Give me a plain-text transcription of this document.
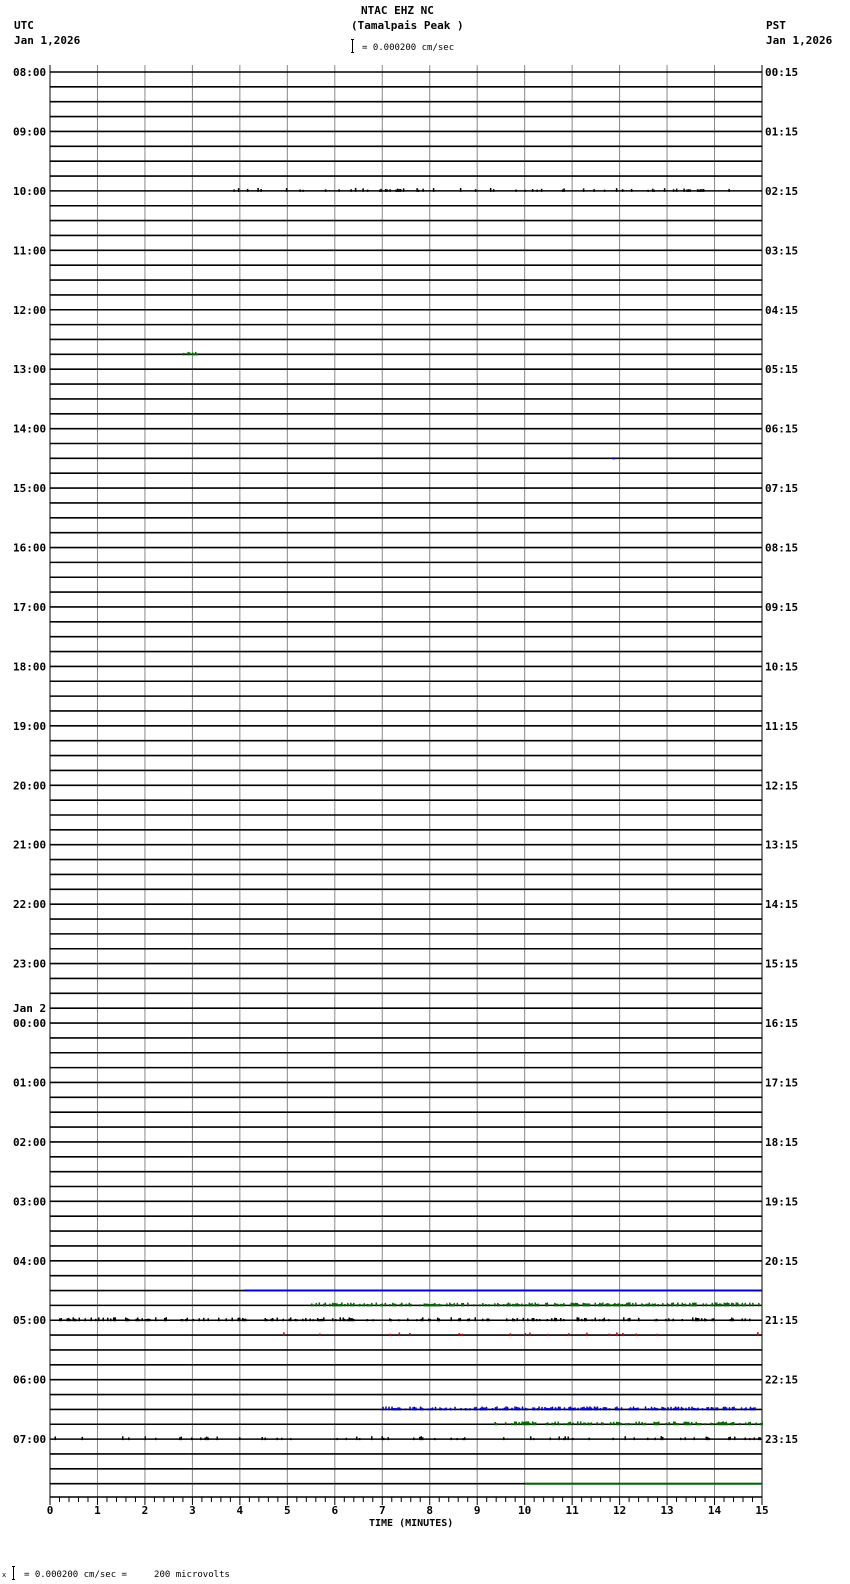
NTAC EHZ NC
(Tamalpais Peak )
UTC
Jan 1,2026
PST
Jan 1,2026
= 0.000200 cm/sec
08:00
09:00
10:00
11:00
12:00
13:00
14:00
15:00
16:00
17:00
18:00
19:00
20:00
21:00
22:00
23:00
00:00
01:00
02:00
03:00
04:00
05:00
06:00
07:00
00:15
01:15
02:15
03:15
04:15
05:15
06:15
07:15
08:15
09:15
10:15
11:15
12:15
13:15
14:15
15:15
16:15
17:15
18:15
19:15
20:15
21:15
22:15
23:15
Jan 2
0	1	2	3	4	5	6	7	8	9	10	11	12	13	14	15
x = 0.000200 cm/sec =     200 microvolts
TIME (MINUTES)
